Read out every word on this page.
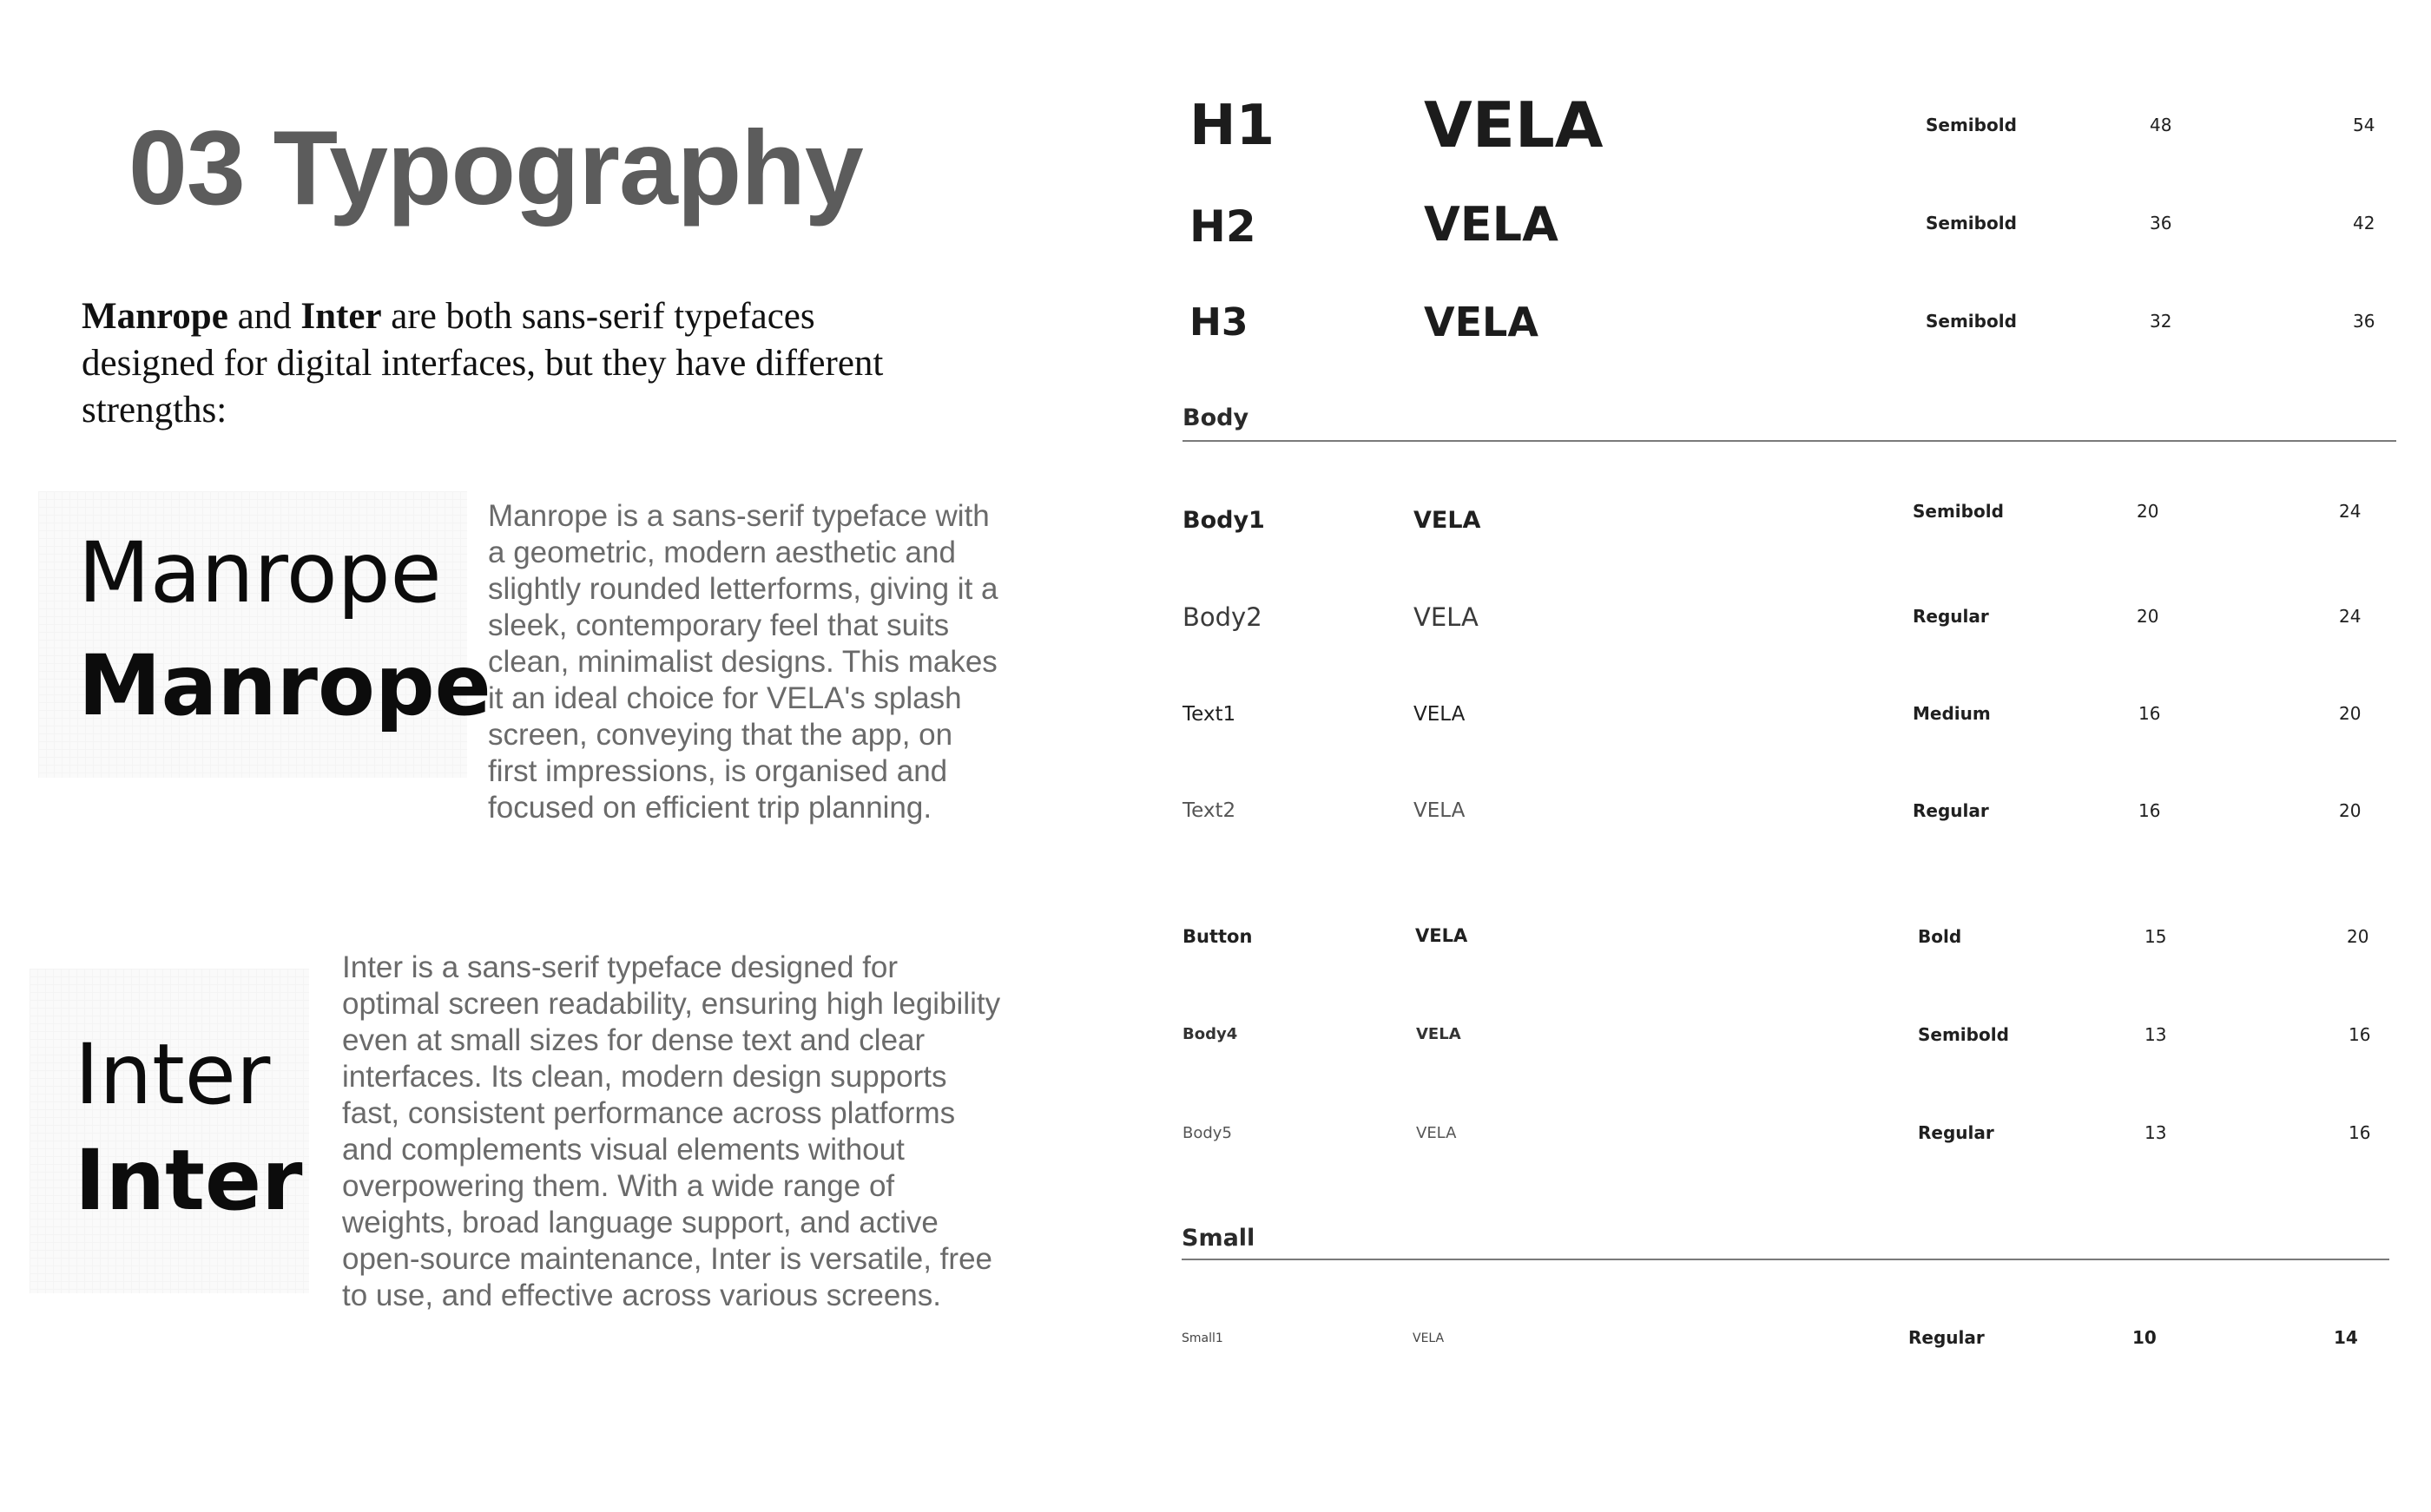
03 Typography
Manrope and Inter are both sans-serif typefaces designed for digital interfaces, but they have different strengths:
Manrope
Manrope
Manrope is a sans-serif typeface with a geometric, modern aesthetic and slightly rounded letterforms, giving it a sleek, contemporary feel that suits clean, minimalist designs. This makes it an ideal choice for VELA's splash screen, conveying that the app, on first impressions, is organised and focused on efficient trip planning.
Inter
Inter
Inter is a sans-serif typeface designed for optimal screen readability, ensuring high legibility even at small sizes for dense text and clear interfaces. Its clean, modern design supports fast, consistent performance across platforms and complements visual elements without overpowering them. With a wide range of weights, broad language support, and active open-source maintenance, Inter is versatile, free to use, and effective across various screens.
H1 VELA	Semibold	48	54
H2	VELA	Semibold	36	42
H3	VELA	Semibold	32	36
Body
Body1	VELA	Semibold	20	24
Body2	VELA	Regular	20	24
Text1	VELA	Medium	16	20
Text2	VELA	Regular	16	20
Button	VELA	Bold	15	20
Body4	VELA	Semibold	13	16
Body5	VELA	Regular	13	16
Small
Small1	VELA	Regular	10	14
